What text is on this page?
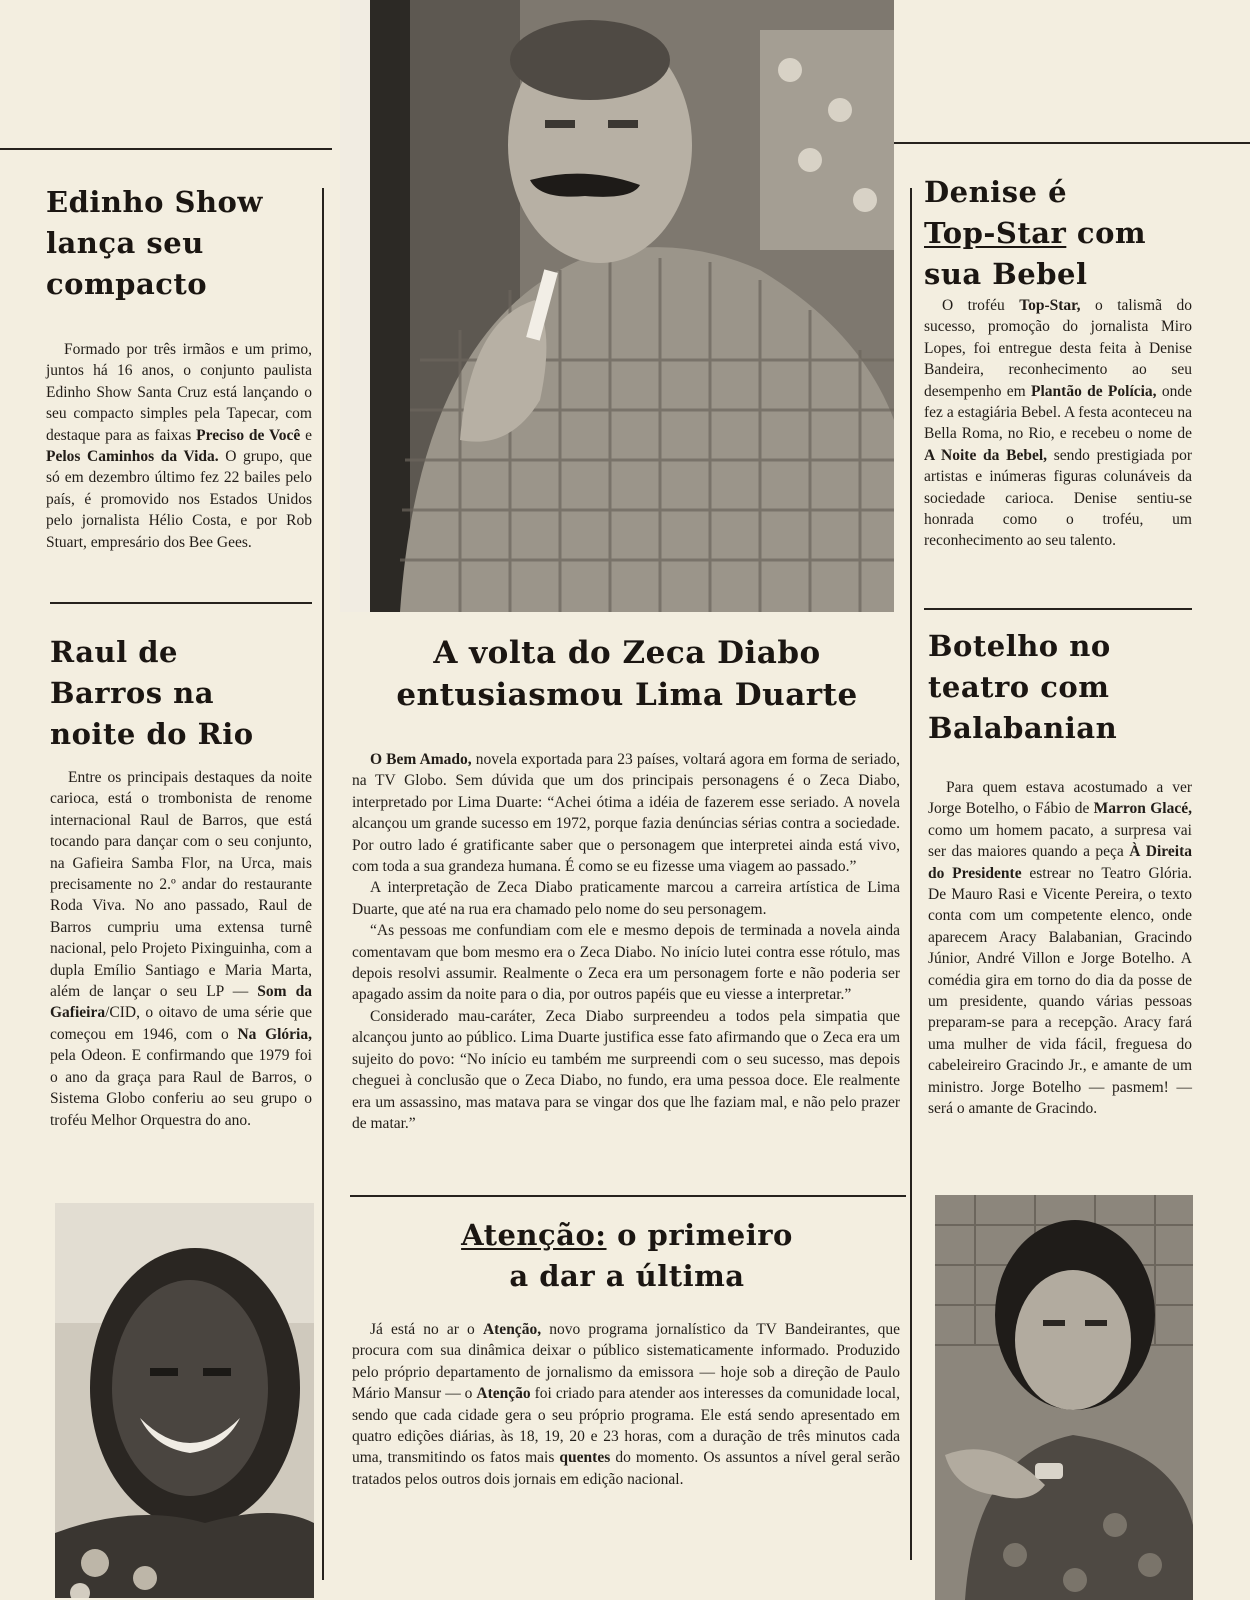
Edinho Show
lança seu
compacto

Formado por três irmãos e um primo, juntos há 16 anos, o conjunto paulista Edinho Show Santa Cruz está lançando o seu compacto simples pela Tapecar, com destaque para as faixas Preciso de Você e Pelos Caminhos da Vida. O grupo, que só em dezembro último fez 22 bailes pelo país, é promovido nos Estados Unidos pelo jornalista Hélio Costa, e por Rob Stuart, empresário dos Bee Gees.

Raul de
Barros na
noite do Rio

Entre os principais destaques da noite carioca, está o trombonista de renome internacional Raul de Barros, que está tocando para dançar com o seu conjunto, na Gafieira Samba Flor, na Urca, mais precisamente no 2.º andar do restaurante Roda Viva. No ano passado, Raul de Barros cumpriu uma extensa turnê nacional, pelo Projeto Pixinguinha, com a dupla Emílio Santiago e Maria Marta, além de lançar o seu LP — Som da Gafieira/CID, o oitavo de uma série que começou em 1946, com o Na Glória, pela Odeon. E confirmando que 1979 foi o ano da graça para Raul de Barros, o Sistema Globo conferiu ao seu grupo o troféu Melhor Orquestra do ano.

A volta do Zeca Diabo
entusiasmou Lima Duarte

O Bem Amado, novela exportada para 23 países, voltará agora em forma de seriado, na TV Globo. Sem dúvida que um dos principais personagens é o Zeca Diabo, interpretado por Lima Duarte: “Achei ótima a idéia de fazerem esse seriado. A novela alcançou um grande sucesso em 1972, porque fazia denúncias sérias contra a sociedade. Por outro lado é gratificante saber que o personagem que interpretei ainda está vivo, com toda a sua grandeza humana. É como se eu fizesse uma viagem ao passado.”

A interpretação de Zeca Diabo praticamente marcou a carreira artística de Lima Duarte, que até na rua era chamado pelo nome do seu personagem.

“As pessoas me confundiam com ele e mesmo depois de terminada a novela ainda comentavam que bom mesmo era o Zeca Diabo. No início lutei contra esse rótulo, mas depois resolvi assumir. Realmente o Zeca era um personagem forte e não poderia ser apagado assim da noite para o dia, por outros papéis que eu viesse a interpretar.”

Considerado mau-caráter, Zeca Diabo surpreendeu a todos pela simpatia que alcançou junto ao público. Lima Duarte justifica esse fato afirmando que o Zeca era um sujeito do povo: “No início eu também me surpreendi com o seu sucesso, mas depois cheguei à conclusão que o Zeca Diabo, no fundo, era uma pessoa doce. Ele realmente era um assassino, mas matava para se vingar dos que lhe faziam mal, e não pelo prazer de matar.”

Atenção: o primeiro
a dar a última

Já está no ar o Atenção, novo programa jornalístico da TV Bandeirantes, que procura com sua dinâmica deixar o público sistematicamente informado. Produzido pelo próprio departamento de jornalismo da emissora — hoje sob a direção de Paulo Mário Mansur — o Atenção foi criado para atender aos interesses da comunidade local, sendo que cada cidade gera o seu próprio programa. Ele está sendo apresentado em quatro edições diárias, às 18, 19, 20 e 23 horas, com a duração de três minutos cada uma, transmitindo os fatos mais quentes do momento. Os assuntos a nível geral serão tratados pelos outros dois jornais em edição nacional.

Denise é
Top-Star com
sua Bebel

O troféu Top-Star, o talismã do sucesso, promoção do jornalista Miro Lopes, foi entregue desta feita à Denise Bandeira, reconhecimento ao seu desempenho em Plantão de Polícia, onde fez a estagiária Bebel. A festa aconteceu na Bella Roma, no Rio, e recebeu o nome de A Noite da Bebel, sendo prestigiada por artistas e inúmeras figuras colunáveis da sociedade carioca. Denise sentiu-se honrada como o troféu, um reconhecimento ao seu talento.

Botelho no
teatro com
Balabanian

Para quem estava acostumado a ver Jorge Botelho, o Fábio de Marron Glacé, como um homem pacato, a surpresa vai ser das maiores quando a peça À Direita do Presidente estrear no Teatro Glória. De Mauro Rasi e Vicente Pereira, o texto conta com um competente elenco, onde aparecem Aracy Balabanian, Gracindo Júnior, André Villon e Jorge Botelho. A comédia gira em torno do dia da posse de um presidente, quando várias pessoas preparam-se para a recepção. Aracy fará uma mulher de vida fácil, freguesa do cabeleireiro Gracindo Jr., e amante de um ministro. Jorge Botelho — pasmem! — será o amante de Gracindo.
